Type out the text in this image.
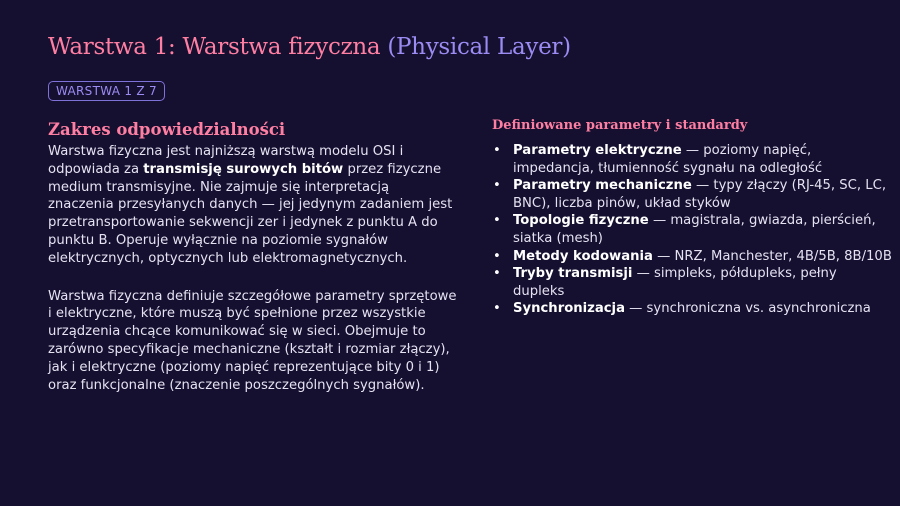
Warstwa 1: Warstwa fizyczna (Physical Layer)
WARSTWA 1 Z 7
Zakres odpowiedzialności

Warstwa fizyczna jest najniższą warstwą modelu OSI i odpowiada za transmisję surowych bitów przez fizyczne medium transmisyjne. Nie zajmuje się interpretacją znaczenia przesyłanych danych — jej jedynym zadaniem jest przetransportowanie sekwencji zer i jedynek z punktu A do punktu B. Operuje wyłącznie na poziomie sygnałów elektrycznych, optycznych lub elektromagnetycznych.

Warstwa fizyczna definiuje szczegółowe parametry sprzętowe i elektryczne, które muszą być spełnione przez wszystkie urządzenia chcące komunikować się w sieci. Obejmuje to zarówno specyfikacje mechaniczne (kształt i rozmiar złączy), jak i elektryczne (poziomy napięć reprezentujące bity 0 i 1) oraz funkcjonalne (znaczenie poszczególnych sygnałów).

Definiowane parametry i standardy
• Parametry elektryczne — poziomy napięć, impedancja, tłumienność sygnału na odległość
• Parametry mechaniczne — typy złączy (RJ-45, SC, LC, BNC), liczba pinów, układ styków
• Topologie fizyczne — magistrala, gwiazda, pierścień, siatka (mesh)
• Metody kodowania — NRZ, Manchester, 4B/5B, 8B/10B
• Tryby transmisji — simpleks, półdupleks, pełny dupleks
• Synchronizacja — synchroniczna vs. asynchroniczna
